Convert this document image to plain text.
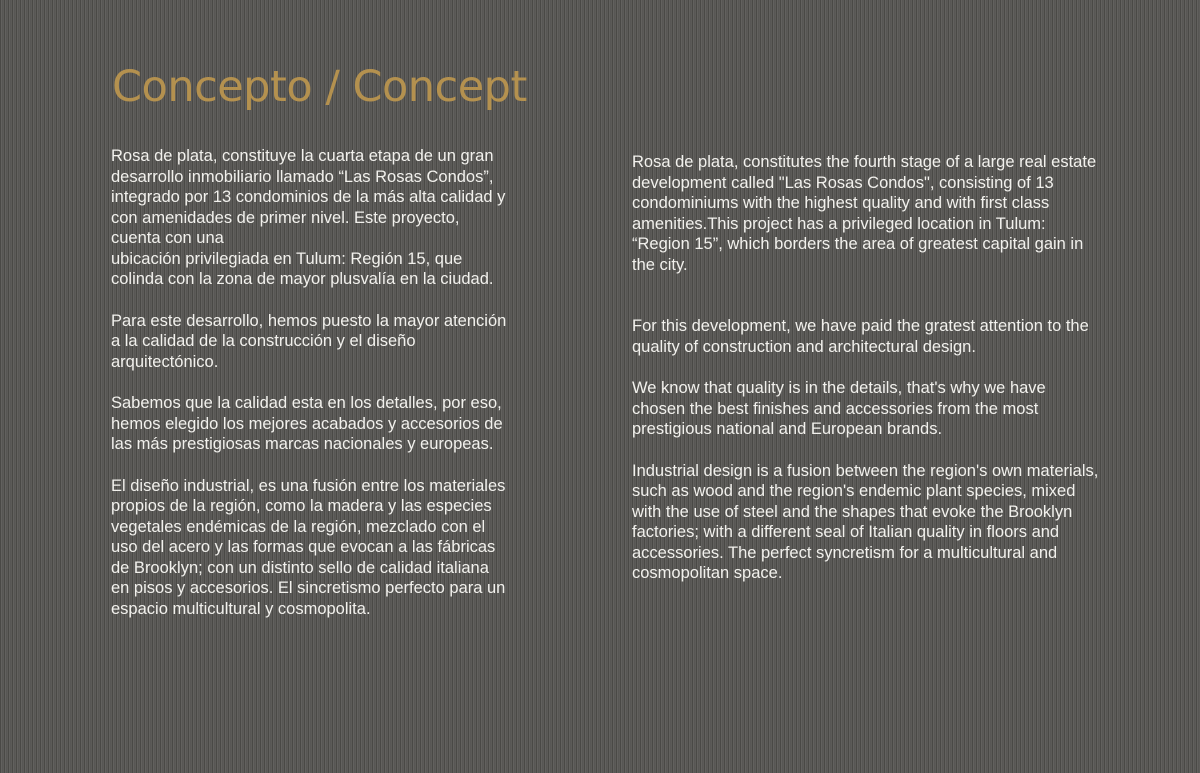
Concepto / Concept

Rosa de plata, constituye la cuarta etapa de un gran
desarrollo inmobiliario llamado “Las Rosas Condos”,
integrado por 13 condominios de la más alta calidad y
con amenidades de primer nivel. Este proyecto,
cuenta con una
ubicación privilegiada en Tulum: Región 15, que
colinda con la zona de mayor plusvalía en la ciudad.

Para este desarrollo, hemos puesto la mayor atención
a la calidad de la construcción y el diseño
arquitectónico.

Sabemos que la calidad esta en los detalles, por eso,
hemos elegido los mejores acabados y accesorios de
las más prestigiosas marcas nacionales y europeas.

El diseño industrial, es una fusión entre los materiales
propios de la región, como la madera y las especies
vegetales endémicas de la región, mezclado con el
uso del acero y las formas que evocan a las fábricas
de Brooklyn; con un distinto sello de calidad italiana
en pisos y accesorios. El sincretismo perfecto para un
espacio multicultural y cosmopolita.

Rosa de plata, constitutes the fourth stage of a large real estate
development called "Las Rosas Condos", consisting of 13
condominiums with the highest quality and with first class
amenities.This project has a privileged location in Tulum:
“Region 15”, which borders the area of greatest capital gain in
the city.

For this development, we have paid the gratest attention to the
quality of construction and architectural design.

We know that quality is in the details, that's why we have
chosen the best finishes and accessories from the most
prestigious national and European brands.

Industrial design is a fusion between the region's own materials,
such as wood and the region's endemic plant species, mixed
with the use of steel and the shapes that evoke the Brooklyn
factories; with a different seal of Italian quality in floors and
accessories. The perfect syncretism for a multicultural and
cosmopolitan space.
